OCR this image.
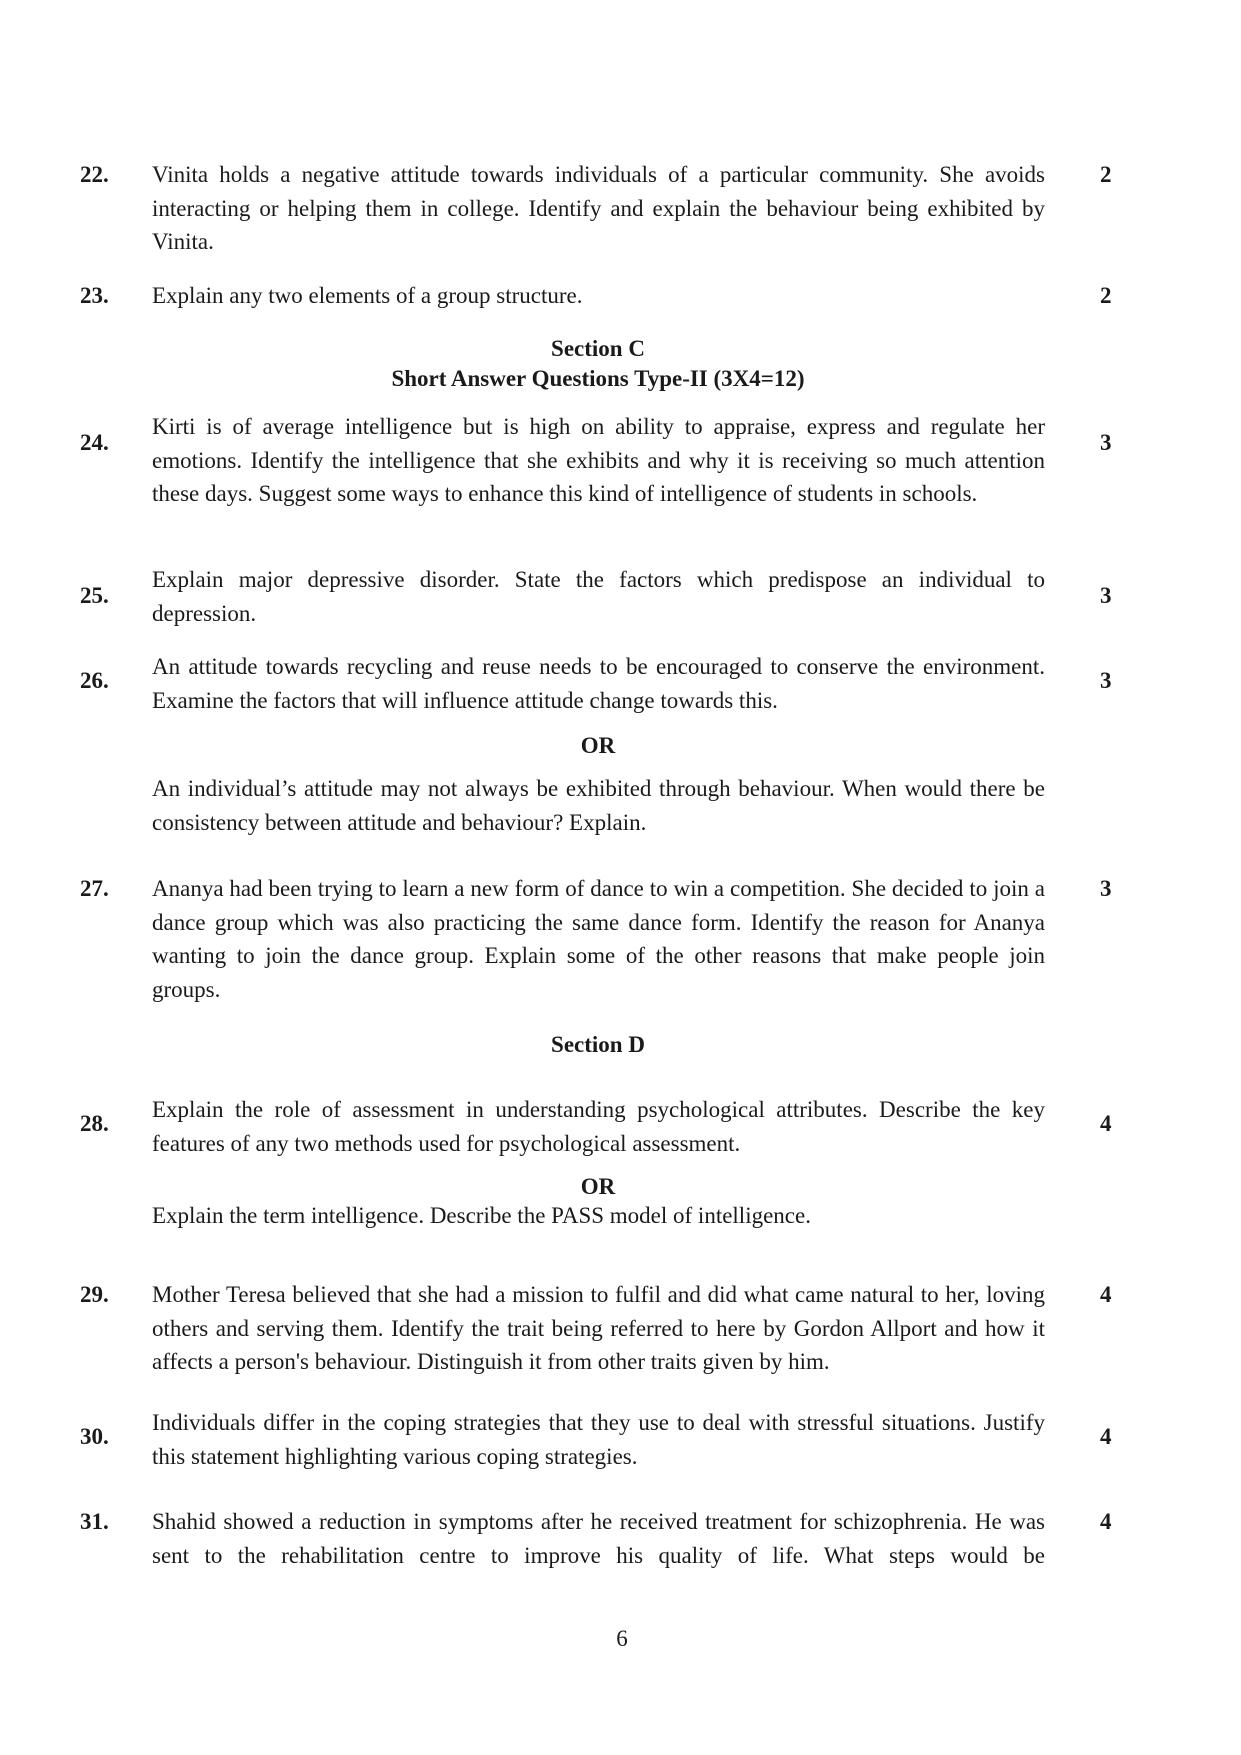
22. Vinita holds a negative attitude towards individuals of a particular community. She avoids interacting or helping them in college. Identify and explain the behaviour being exhibited by Vinita.
2
23. Explain any two elements of a group structure.	2
Section C
Short Answer Questions Type-II (3X4=12)
24.
Kirti is of average intelligence but is high on ability to appraise, express and regulate her emotions. Identify the intelligence that she exhibits and why it is receiving so much attention these days. Suggest some ways to enhance this kind of intelligence of students in schools.
3
25.
Explain major depressive disorder. State the factors which predispose an individual to depression.
3
26.
An attitude towards recycling and reuse needs to be encouraged to conserve the environment. Examine the factors that will influence attitude change towards this.
3
OR
An individual’s attitude may not always be exhibited through behaviour. When would there be consistency between attitude and behaviour? Explain.
27. Ananya had been trying to learn a new form of dance to win a competition. She decided to join a dance group which was also practicing the same dance form. Identify the reason for Ananya wanting to join the dance group. Explain some of the other reasons that make people join groups.
3
Section D
28.
Explain the role of assessment in understanding psychological attributes. Describe the key features of any two methods used for psychological assessment.
4
OR
Explain the term intelligence. Describe the PASS model of intelligence.
29. Mother Teresa believed that she had a mission to fulfil and did what came natural to her, loving others and serving them. Identify the trait being referred to here by Gordon Allport and how it affects a person's behaviour. Distinguish it from other traits given by him.
4
30.
Individuals differ in the coping strategies that they use to deal with stressful situations. Justify this statement highlighting various coping strategies.
4
31. Shahid showed a reduction in symptoms after he received treatment for schizophrenia. He was sent to the rehabilitation centre to improve his quality of life. What steps would be
4
6
